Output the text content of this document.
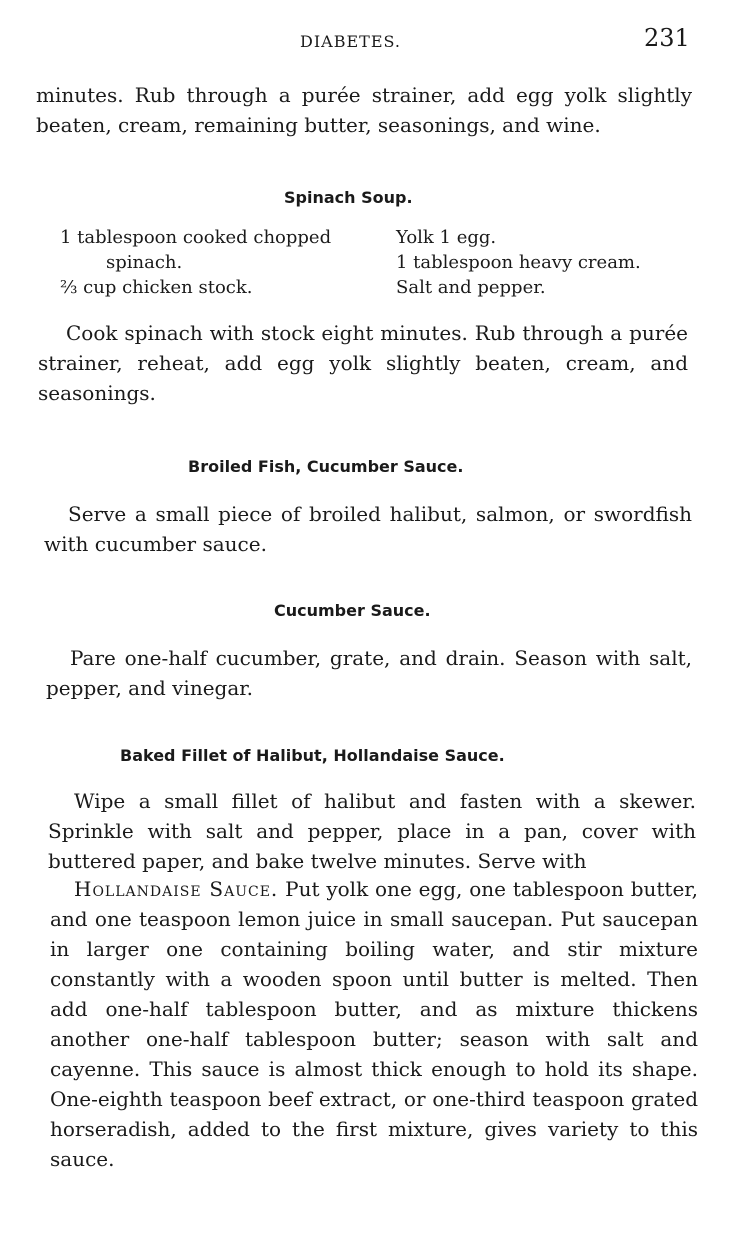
DIABETES.	231

minutes. Rub through a purée strainer, add egg yolk slightly beaten, cream, remaining butter, seasonings, and wine.

Spinach Soup.
1 tablespoon cooked chopped
spinach.
⅔ cup chicken stock.
Yolk 1 egg.
1 tablespoon heavy cream.
Salt and pepper.

Cook spinach with stock eight minutes. Rub through a purée strainer, reheat, add egg yolk slightly beaten, cream, and seasonings.

Broiled Fish, Cucumber Sauce.

Serve a small piece of broiled halibut, salmon, or swordfish with cucumber sauce.

Cucumber Sauce.

Pare one-half cucumber, grate, and drain. Season with salt, pepper, and vinegar.

Baked Fillet of Halibut, Hollandaise Sauce.

Wipe a small fillet of halibut and fasten with a skewer. Sprinkle with salt and pepper, place in a pan, cover with buttered paper, and bake twelve minutes. Serve with

Hollandaise Sauce. Put yolk one egg, one tablespoon butter, and one teaspoon lemon juice in small saucepan. Put saucepan in larger one containing boiling water, and stir mixture constantly with a wooden spoon until butter is melted. Then add one-half tablespoon butter, and as mixture thickens another one-half tablespoon butter; season with salt and cayenne. This sauce is almost thick enough to hold its shape. One-eighth teaspoon beef extract, or one-third teaspoon grated horseradish, added to the first mixture, gives variety to this sauce.
